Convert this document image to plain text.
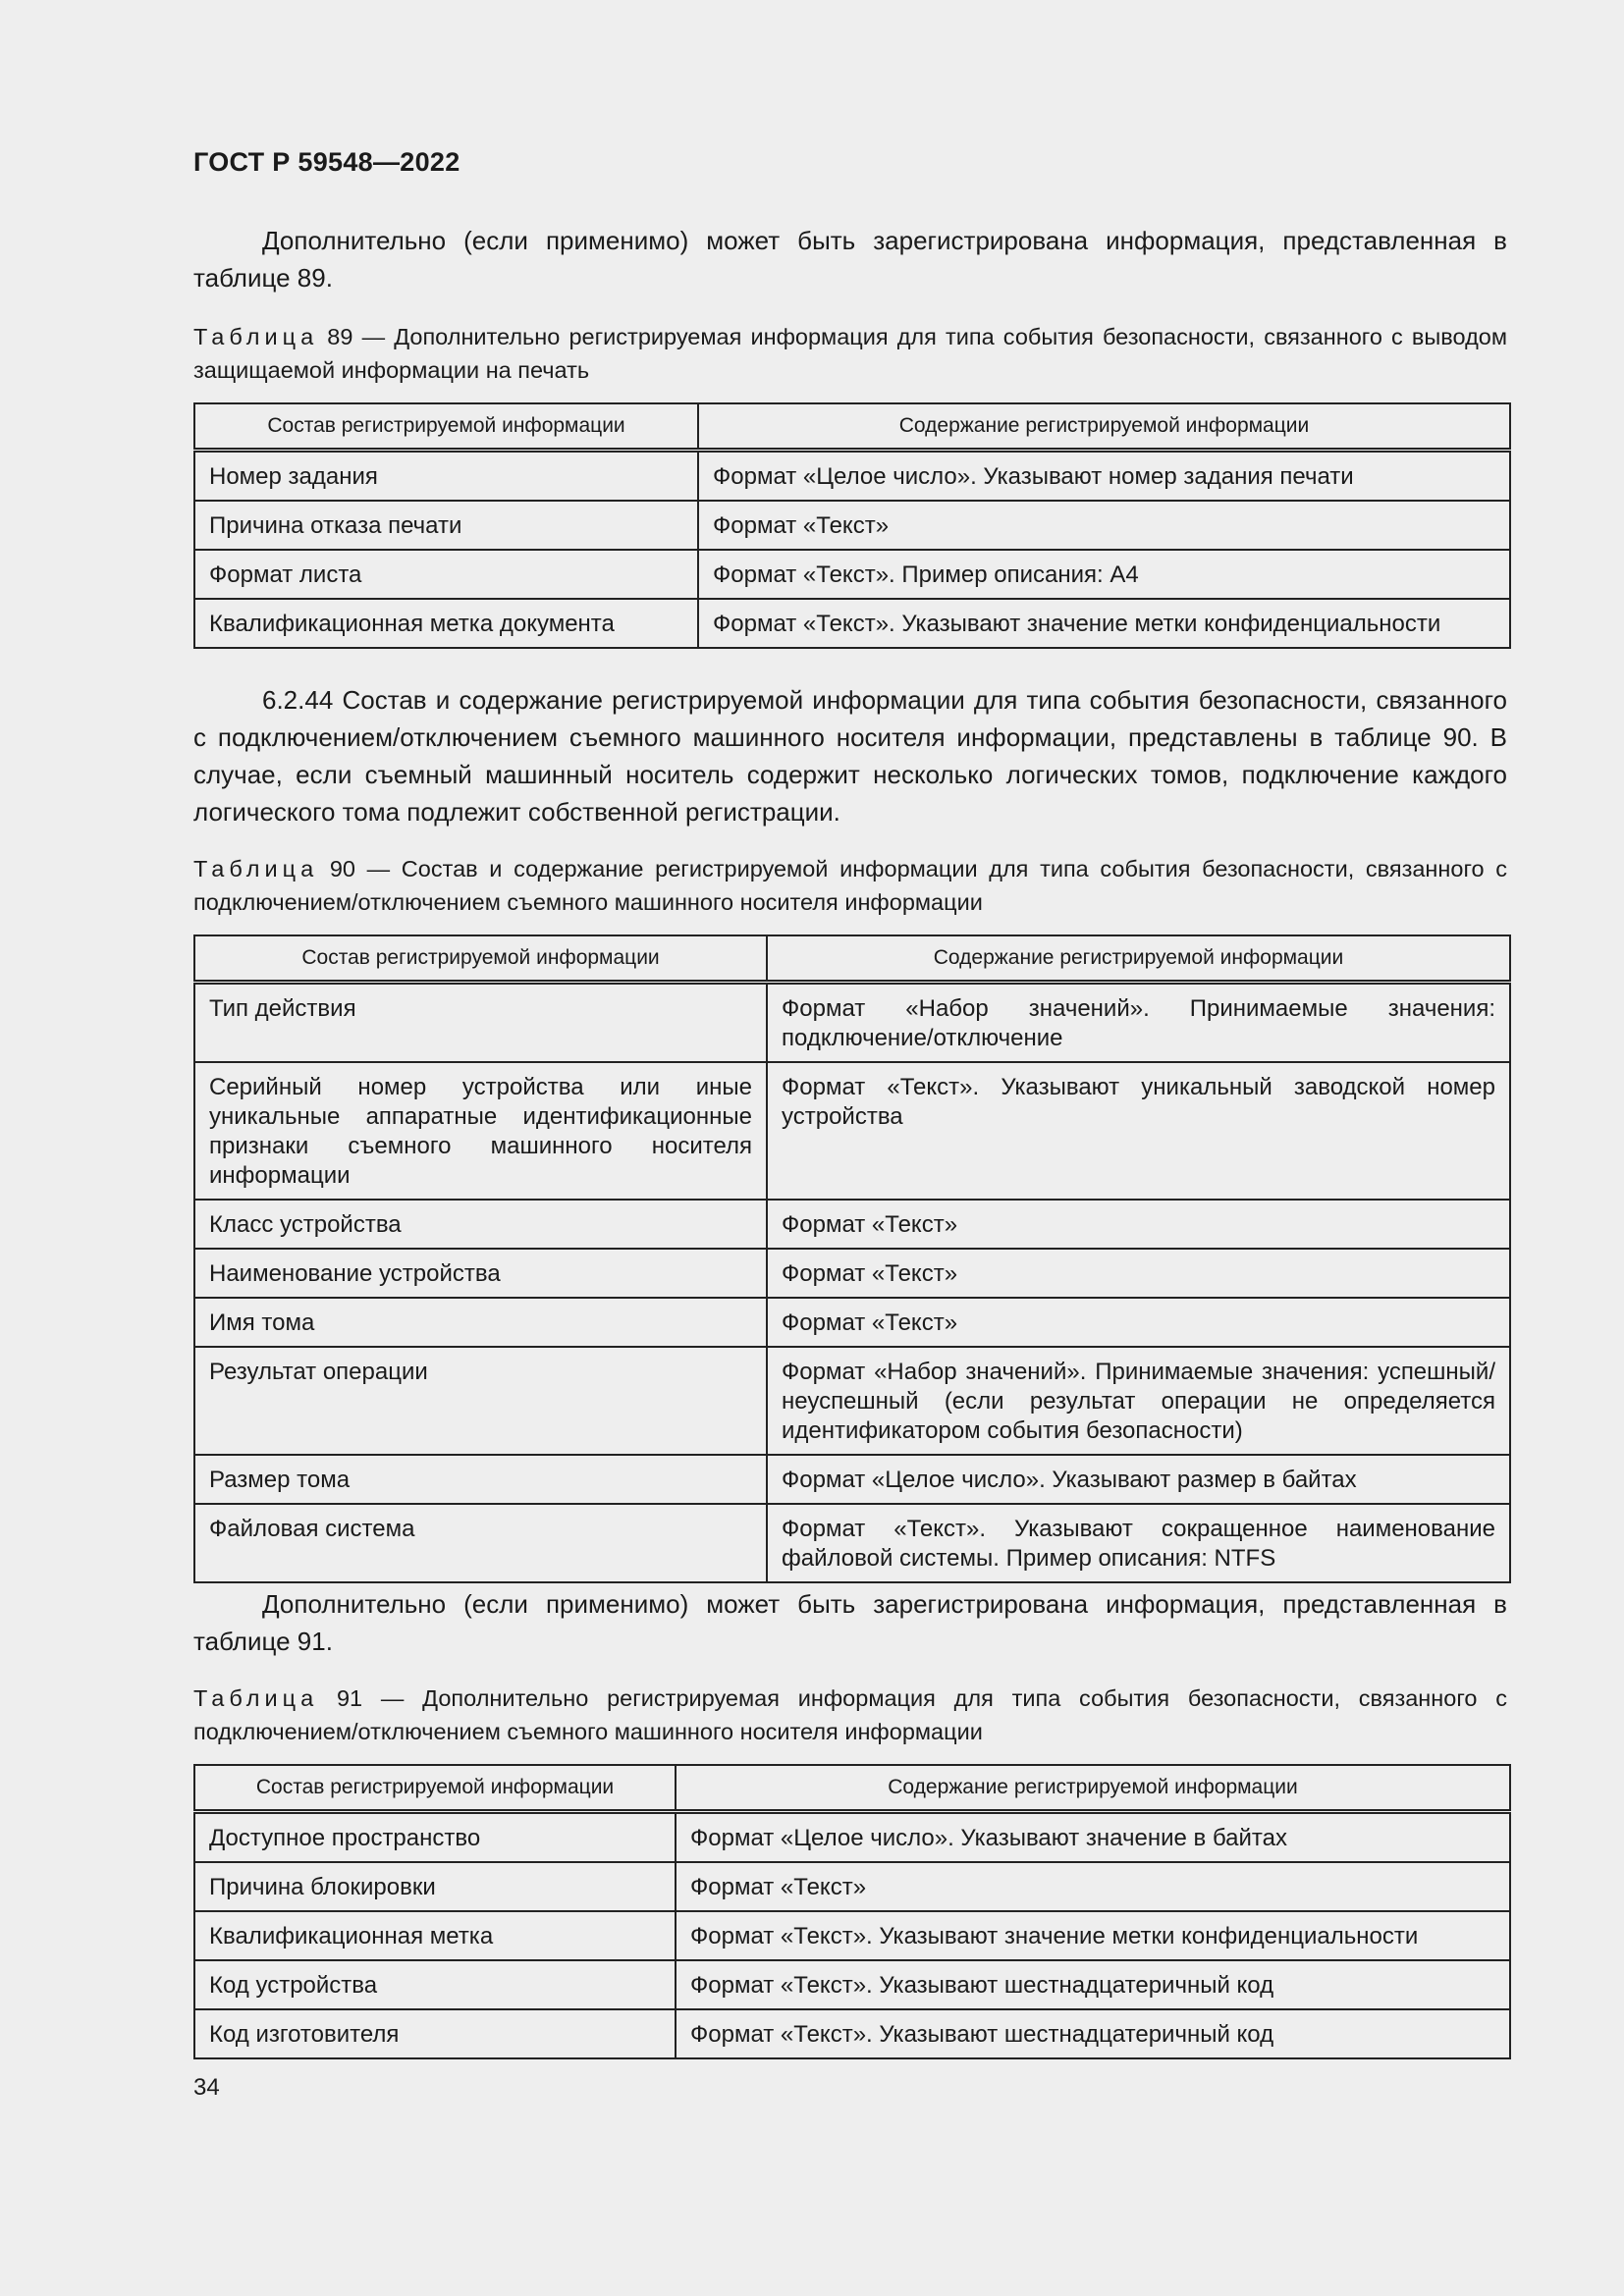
ГОСТ Р 59548—2022
Дополнительно (если применимо) может быть зарегистрирована информация, представленная в таблице 89.
Таблица 89 — Дополнительно регистрируемая информация для типа события безопасности, связанного с выводом защищаемой информации на печать
Состав регистрируемой информации	Содержание регистрируемой информации
Номер задания	Формат «Целое число». Указывают номер задания печати
Причина отказа печати	Формат «Текст»
Формат листа	Формат «Текст». Пример описания: А4
Квалификационная метка документа	Формат «Текст». Указывают значение метки конфиденциальности
6.2.44 Состав и содержание регистрируемой информации для типа события безопасности, связанного с подключением/отключением съемного машинного носителя информации, представлены в таблице 90. В случае, если съемный машинный носитель содержит несколько логических томов, подключение каждого логического тома подлежит собственной регистрации.
Таблица 90 — Состав и содержание регистрируемой информации для типа события безопасности, связанного с подключением/отключением съемного машинного носителя информации
Состав регистрируемой информации	Содержание регистрируемой информации
Тип действия	Формат «Набор значений». Принимаемые значения: подключение/отключение
Серийный номер устройства или иные уникальные аппаратные идентификационные признаки съемного машинного носителя информации	Формат «Текст». Указывают уникальный заводской номер устройства
Класс устройства	Формат «Текст»
Наименование устройства	Формат «Текст»
Имя тома	Формат «Текст»
Результат операции	Формат «Набор значений». Принимаемые значения: успешный/неуспешный (если результат операции не определяется идентификатором события безопасности)
Размер тома	Формат «Целое число». Указывают размер в байтах
Файловая система	Формат «Текст». Указывают сокращенное наименование файловой системы. Пример описания: NTFS
Дополнительно (если применимо) может быть зарегистрирована информация, представленная в таблице 91.
Таблица 91 — Дополнительно регистрируемая информация для типа события безопасности, связанного с подключением/отключением съемного машинного носителя информации
Состав регистрируемой информации	Содержание регистрируемой информации
Доступное пространство	Формат «Целое число». Указывают значение в байтах
Причина блокировки	Формат «Текст»
Квалификационная метка	Формат «Текст». Указывают значение метки конфиденциальности
Код устройства	Формат «Текст». Указывают шестнадцатеричный код
Код изготовителя	Формат «Текст». Указывают шестнадцатеричный код
34
